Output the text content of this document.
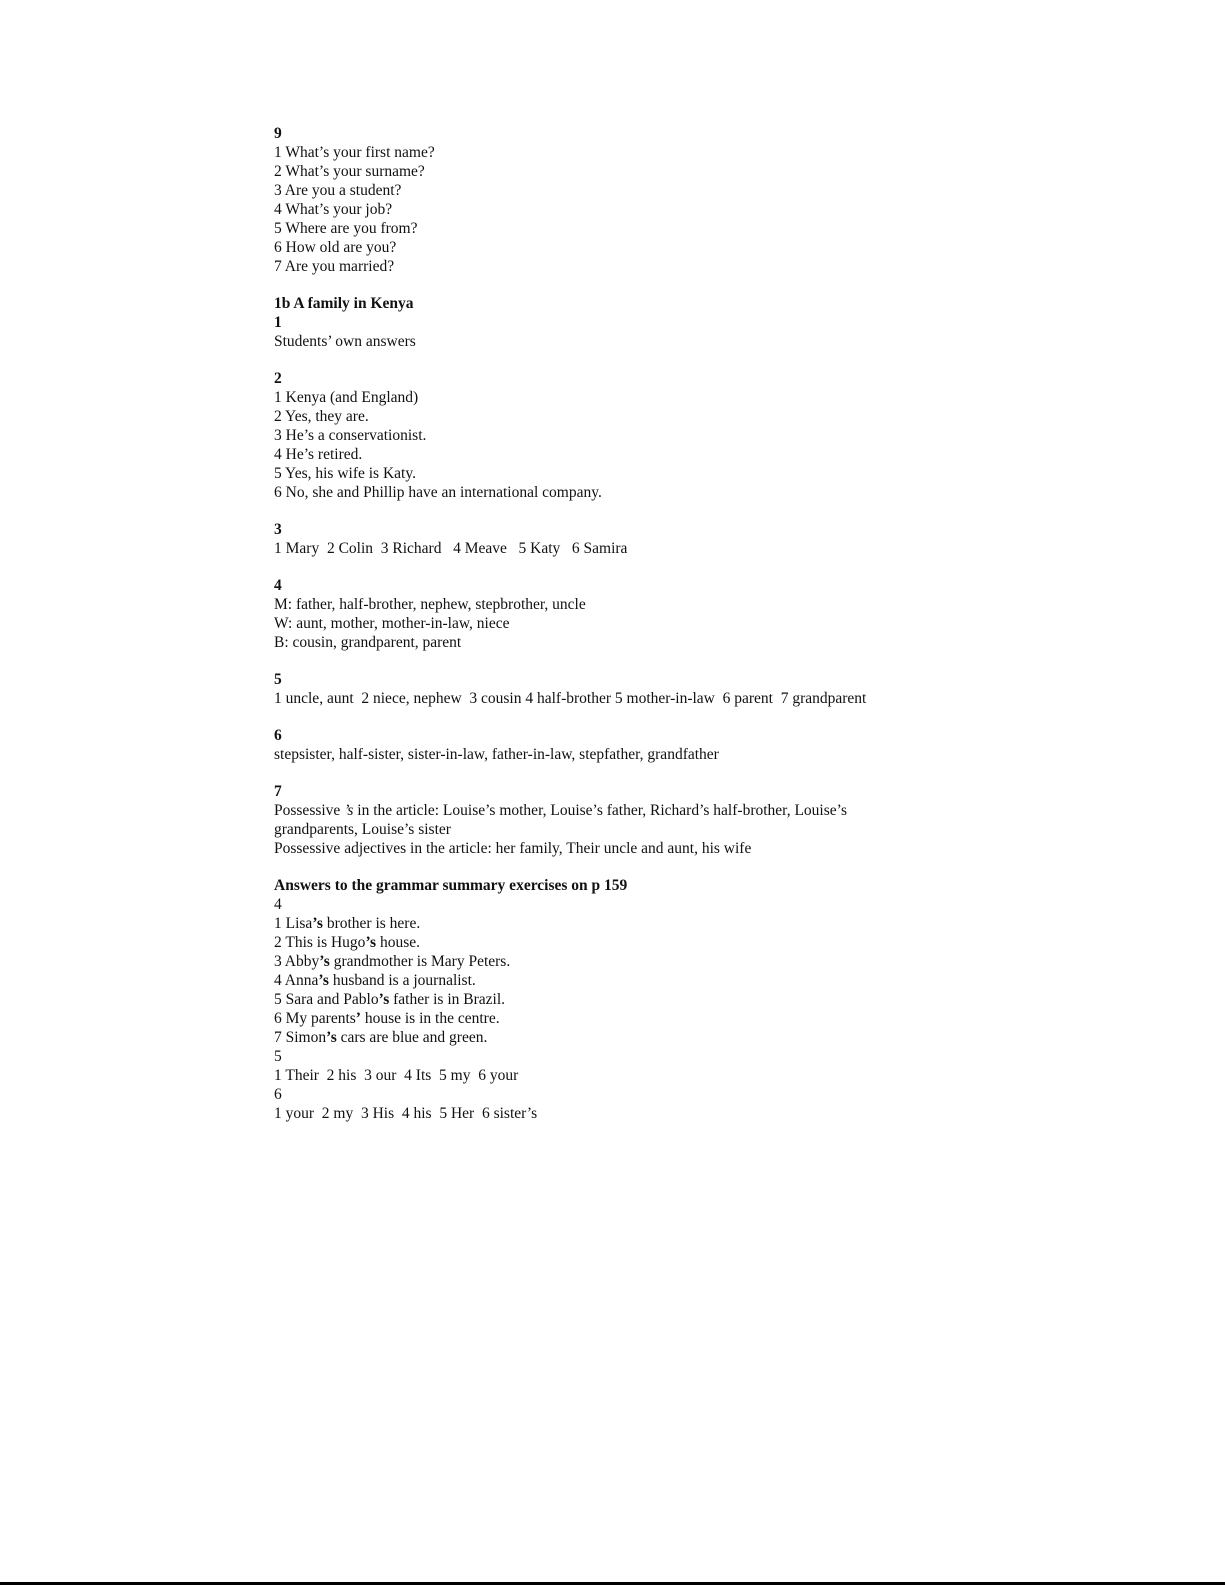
9
1 What’s your first name?
2 What’s your surname?
3 Are you a student?
4 What’s your job?
5 Where are you from?
6 How old are you?
7 Are you married?
1b A family in Kenya
1
Students’ own answers
2
1 Kenya (and England)
2 Yes, they are.
3 He’s a conservationist.
4 He’s retired.
5 Yes, his wife is Katy.
6 No, she and Phillip have an international company.
3
1 Mary  2 Colin  3 Richard   4 Meave   5 Katy   6 Samira
4
M: father, half-brother, nephew, stepbrother, uncle
W: aunt, mother, mother-in-law, niece
B: cousin, grandparent, parent
5
1 uncle, aunt  2 niece, nephew  3 cousin 4 half-brother 5 mother-in-law  6 parent  7 grandparent
6
stepsister, half-sister, sister-in-law, father-in-law, stepfather, grandfather
7
Possessive ’s in the article: Louise’s mother, Louise’s father, Richard’s half-brother, Louise’s grandparents, Louise’s sister
Possessive adjectives in the article: her family, Their uncle and aunt, his wife
Answers to the grammar summary exercises on p 159
4
1 Lisa’s brother is here.
2 This is Hugo’s house.
3 Abby’s grandmother is Mary Peters.
4 Anna’s husband is a journalist.
5 Sara and Pablo’s father is in Brazil.
6 My parents’ house is in the centre.
7 Simon’s cars are blue and green.
5
1 Their  2 his  3 our  4 Its  5 my  6 your
6
1 your  2 my  3 His  4 his  5 Her  6 sister’s
